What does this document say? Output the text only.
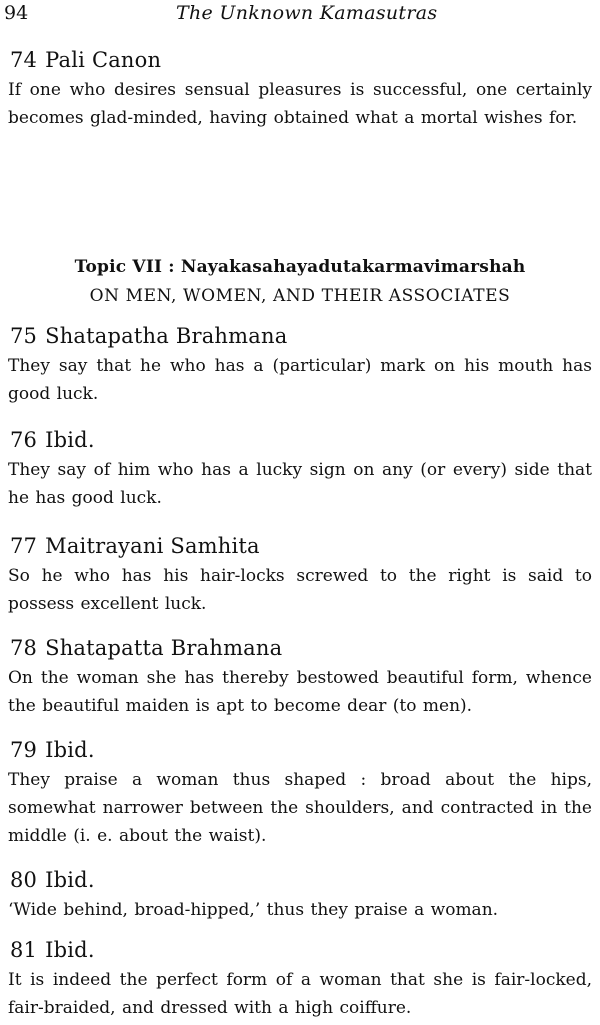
94	The Unknown Kamasutras
74 Pali Canon

If one who desires sensual pleasures is successful, one certainly becomes glad-minded, having obtained what a mortal wishes for.

Topic VII : Nayakasahayadutakarmavimarshah

ON MEN, WOMEN, AND THEIR ASSOCIATES

75 Shatapatha Brahmana

They say that he who has a (particular) mark on his mouth has good luck.

76 Ibid.

They say of him who has a lucky sign on any (or every) side that he has good luck.

77 Maitrayani Samhita

So he who has his hair-locks screwed to the right is said to possess excellent luck.

78 Shatapatta Brahmana

On the woman she has thereby bestowed beautiful form, whence the beautiful maiden is apt to become dear (to men).

79 Ibid.

They praise a woman thus shaped : broad about the hips, somewhat narrower between the shoulders, and contracted in the middle (i. e. about the waist).

80 Ibid.

‘Wide behind, broad-hipped,’ thus they praise a woman.

81 Ibid.

It is indeed the perfect form of a woman that she is fair-locked, fair-braided, and dressed with a high coiffure.
